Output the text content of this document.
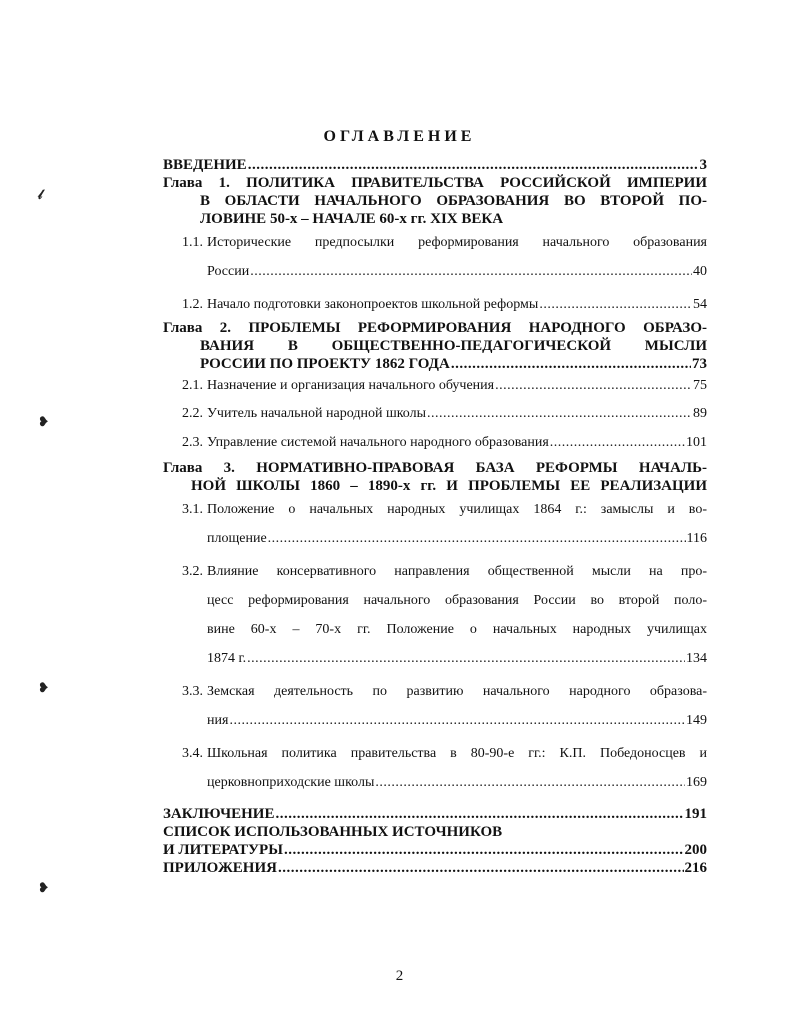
𝓁
❥
❥
❥
ОГЛАВЛЕНИЕ
ВВЕДЕНИЕ .....	3
Глава 1. ПОЛИТИКА ПРАВИТЕЛЬСТВА РОССИЙСКОЙ ИМПЕРИИ
В ОБЛАСТИ НАЧАЛЬНОГО ОБРАЗОВАНИЯ ВО ВТОРОЙ ПО-
ЛОВИНЕ 50-х – НАЧАЛЕ 60-х гг. XIX ВЕКА
1.1. Исторические предпосылки реформирования начального образования
России .....	40
1.2. Начало подготовки законопроектов школьной реформы .....	54
Глава 2. ПРОБЛЕМЫ РЕФОРМИРОВАНИЯ НАРОДНОГО ОБРАЗО-
ВАНИЯ В ОБЩЕСТВЕННО-ПЕДАГОГИЧЕСКОЙ МЫСЛИ
РОССИИ ПО ПРОЕКТУ 1862 ГОДА .....	73
2.1. Назначение и организация начального обучения .....	75
2.2. Учитель начальной народной школы .....	89
2.3. Управление системой начального народного образования .....	101
Глава 3. НОРМАТИВНО-ПРАВОВАЯ БАЗА РЕФОРМЫ НАЧАЛЬ-
НОЙ ШКОЛЫ 1860 – 1890-х гг. И ПРОБЛЕМЫ ЕЕ РЕАЛИЗАЦИИ
3.1. Положение о начальных народных училищах 1864 г.: замыслы и во-
площение .....	116
3.2. Влияние консервативного направления общественной мысли на про-
цесс реформирования начального образования России во второй поло-
вине 60-х – 70-х гг. Положение о начальных народных училищах
1874 г. .....	134
3.3. Земская деятельность по развитию начального народного образова-
ния .....	149
3.4. Школьная политика правительства в 80-90-е гг.: К.П. Победоносцев и
церковноприходские школы .....	169
ЗАКЛЮЧЕНИЕ .....	191
СПИСОК ИСПОЛЬЗОВАННЫХ ИСТОЧНИКОВ
И ЛИТЕРАТУРЫ .....	200
ПРИЛОЖЕНИЯ .....	216
2
